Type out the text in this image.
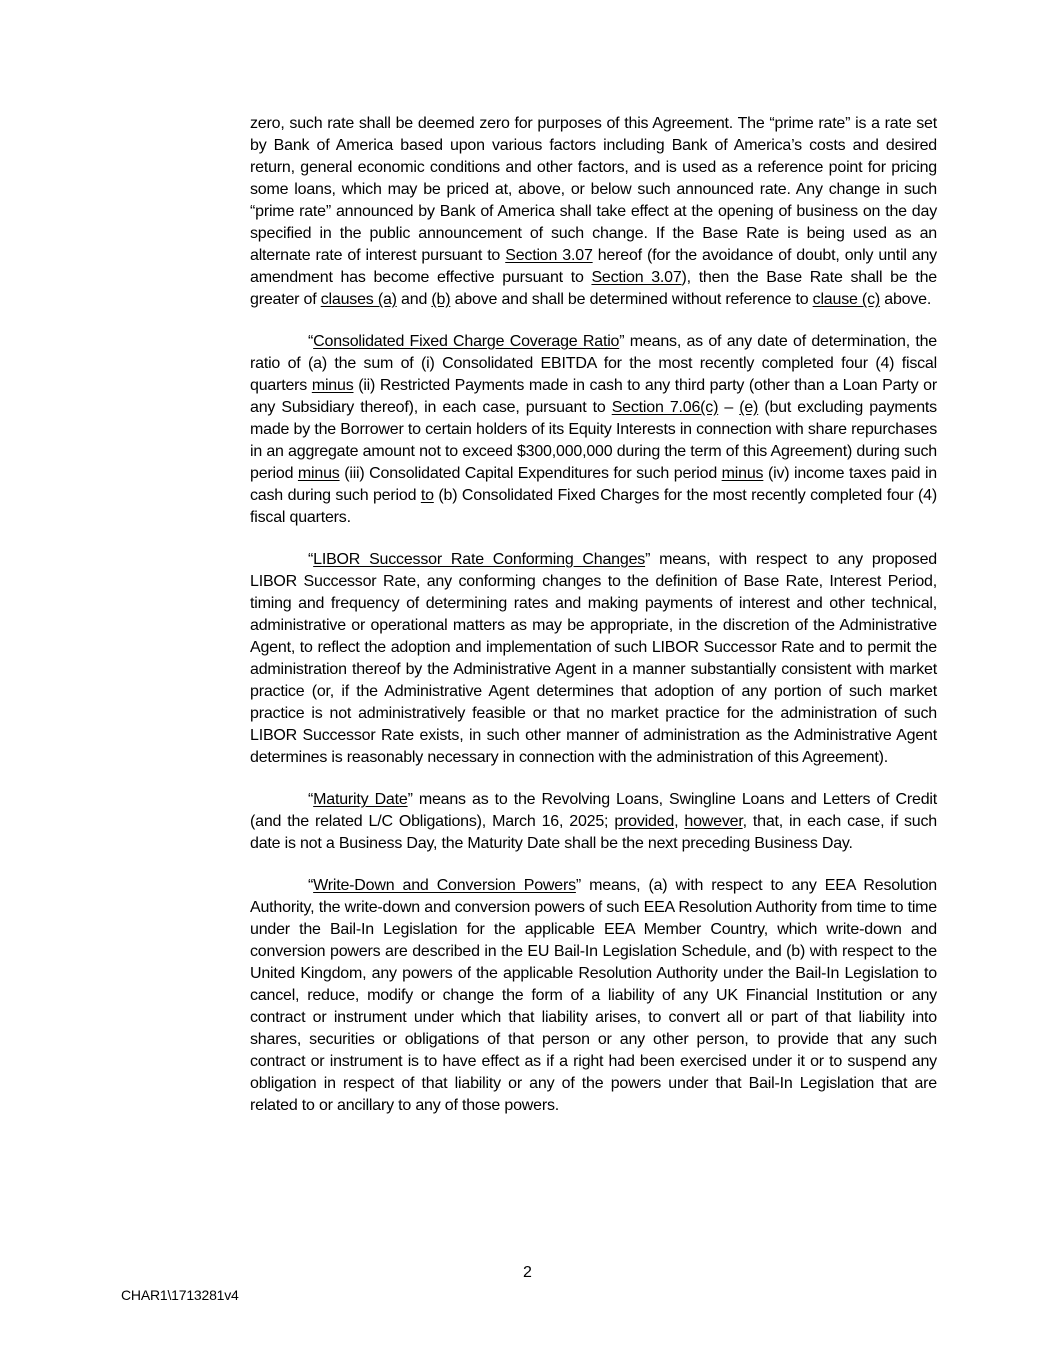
zero, such rate shall be deemed zero for purposes of this Agreement. The “prime rate” is a rate set by Bank of America based upon various factors including Bank of America’s costs and desired return, general economic conditions and other factors, and is used as a reference point for pricing some loans, which may be priced at, above, or below such announced rate. Any change in such “prime rate” announced by Bank of America shall take effect at the opening of business on the day specified in the public announcement of such change. If the Base Rate is being used as an alternate rate of interest pursuant to Section 3.07 hereof (for the avoidance of doubt, only until any amendment has become effective pursuant to Section 3.07), then the Base Rate shall be the greater of clauses (a) and (b) above and shall be determined without reference to clause (c) above.

“Consolidated Fixed Charge Coverage Ratio” means, as of any date of determination, the ratio of (a) the sum of (i) Consolidated EBITDA for the most recently completed four (4) fiscal quarters minus (ii) Restricted Payments made in cash to any third party (other than a Loan Party or any Subsidiary thereof), in each case, pursuant to Section 7.06(c) – (e) (but excluding payments made by the Borrower to certain holders of its Equity Interests in connection with share repurchases in an aggregate amount not to exceed $300,000,000 during the term of this Agreement) during such period minus (iii) Consolidated Capital Expenditures for such period minus (iv) income taxes paid in cash during such period to (b) Consolidated Fixed Charges for the most recently completed four (4) fiscal quarters.

“LIBOR Successor Rate Conforming Changes” means, with respect to any proposed LIBOR Successor Rate, any conforming changes to the definition of Base Rate, Interest Period, timing and frequency of determining rates and making payments of interest and other technical, administrative or operational matters as may be appropriate, in the discretion of the Administrative Agent, to reflect the adoption and implementation of such LIBOR Successor Rate and to permit the administration thereof by the Administrative Agent in a manner substantially consistent with market practice (or, if the Administrative Agent determines that adoption of any portion of such market practice is not administratively feasible or that no market practice for the administration of such LIBOR Successor Rate exists, in such other manner of administration as the Administrative Agent determines is reasonably necessary in connection with the administration of this Agreement).

“Maturity Date” means as to the Revolving Loans, Swingline Loans and Letters of Credit (and the related L/C Obligations), March 16, 2025; provided, however, that, in each case, if such date is not a Business Day, the Maturity Date shall be the next preceding Business Day.

“Write-Down and Conversion Powers” means, (a) with respect to any EEA Resolution Authority, the write-down and conversion powers of such EEA Resolution Authority from time to time under the Bail-In Legislation for the applicable EEA Member Country, which write-down and conversion powers are described in the EU Bail-In Legislation Schedule, and (b) with respect to the United Kingdom, any powers of the applicable Resolution Authority under the Bail-In Legislation to cancel, reduce, modify or change the form of a liability of any UK Financial Institution or any contract or instrument under which that liability arises, to convert all or part of that liability into shares, securities or obligations of that person or any other person, to provide that any such contract or instrument is to have effect as if a right had been exercised under it or to suspend any obligation in respect of that liability or any of the powers under that Bail-In Legislation that are related to or ancillary to any of those powers.

2
CHAR1\1713281v4
